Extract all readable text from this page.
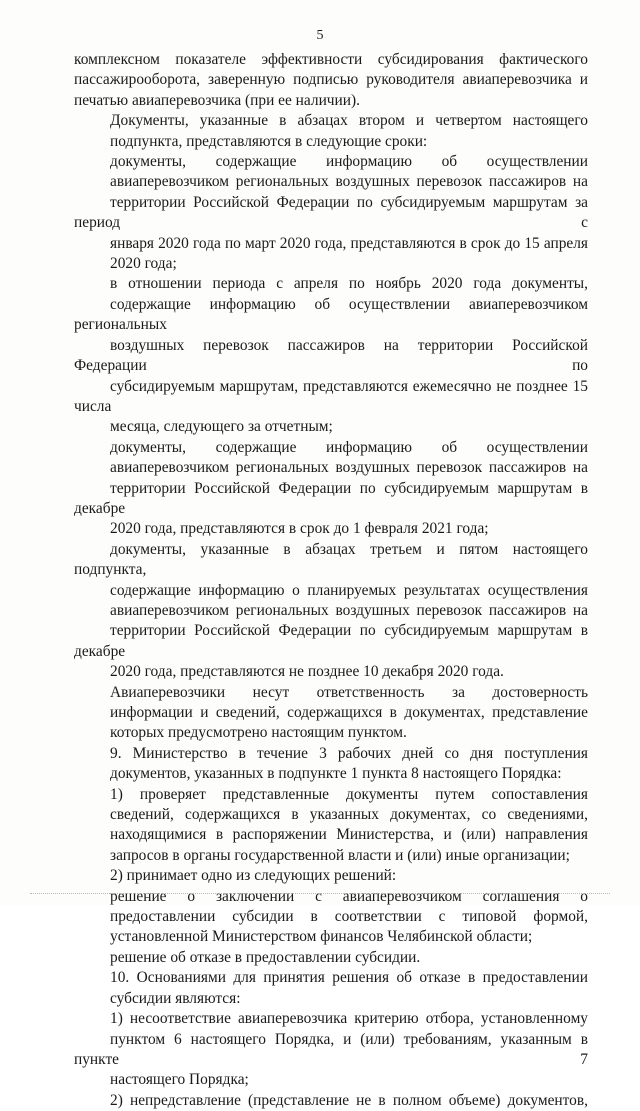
5

комплексном показателе эффективности субсидирования фактического
пассажирооборота, заверенную подписью руководителя авиаперевозчика и
печатью авиаперевозчика (при ее наличии).

Документы, указанные в абзацах втором и четвертом настоящего
подпункта, представляются в следующие сроки:

документы, содержащие информацию об осуществлении
авиаперевозчиком региональных воздушных перевозок пассажиров на
территории Российской Федерации по субсидируемым маршрутам за период с
января 2020 года по март 2020 года, представляются в срок до 15 апреля
2020 года;

в отношении периода с апреля по ноябрь 2020 года документы,
содержащие информацию об осуществлении авиаперевозчиком региональных
воздушных перевозок пассажиров на территории Российской Федерации по
субсидируемым маршрутам, представляются ежемесячно не позднее 15 числа
месяца, следующего за отчетным;

документы, содержащие информацию об осуществлении
авиаперевозчиком региональных воздушных перевозок пассажиров на
территории Российской Федерации по субсидируемым маршрутам в декабре
2020 года, представляются в срок до 1 февраля 2021 года;

документы, указанные в абзацах третьем и пятом настоящего подпункта,
содержащие информацию о планируемых результатах осуществления
авиаперевозчиком региональных воздушных перевозок пассажиров на
территории Российской Федерации по субсидируемым маршрутам в декабре
2020 года, представляются не позднее 10 декабря 2020 года.

Авиаперевозчики несут ответственность за достоверность
информации и сведений, содержащихся в документах, представление
которых предусмотрено настоящим пунктом.

9. Министерство в течение 3 рабочих дней со дня поступления
документов, указанных в подпункте 1 пункта 8 настоящего Порядка:

1) проверяет представленные документы путем сопоставления
сведений, содержащихся в указанных документах, со сведениями,
находящимися в распоряжении Министерства, и (или) направления
запросов в органы государственной власти и (или) иные организации;

2) принимает одно из следующих решений:

решение о заключении с авиаперевозчиком соглашения о
предоставлении субсидии в соответствии с типовой формой,
установленной Министерством финансов Челябинской области;

решение об отказе в предоставлении субсидии.

10. Основаниями для принятия решения об отказе в предоставлении
субсидии являются:

1) несоответствие авиаперевозчика критерию отбора, установленному
пунктом 6 настоящего Порядка, и (или) требованиям, указанным в пункте 7
настоящего Порядка;

2) непредставление (представление не в полном объеме) документов,
